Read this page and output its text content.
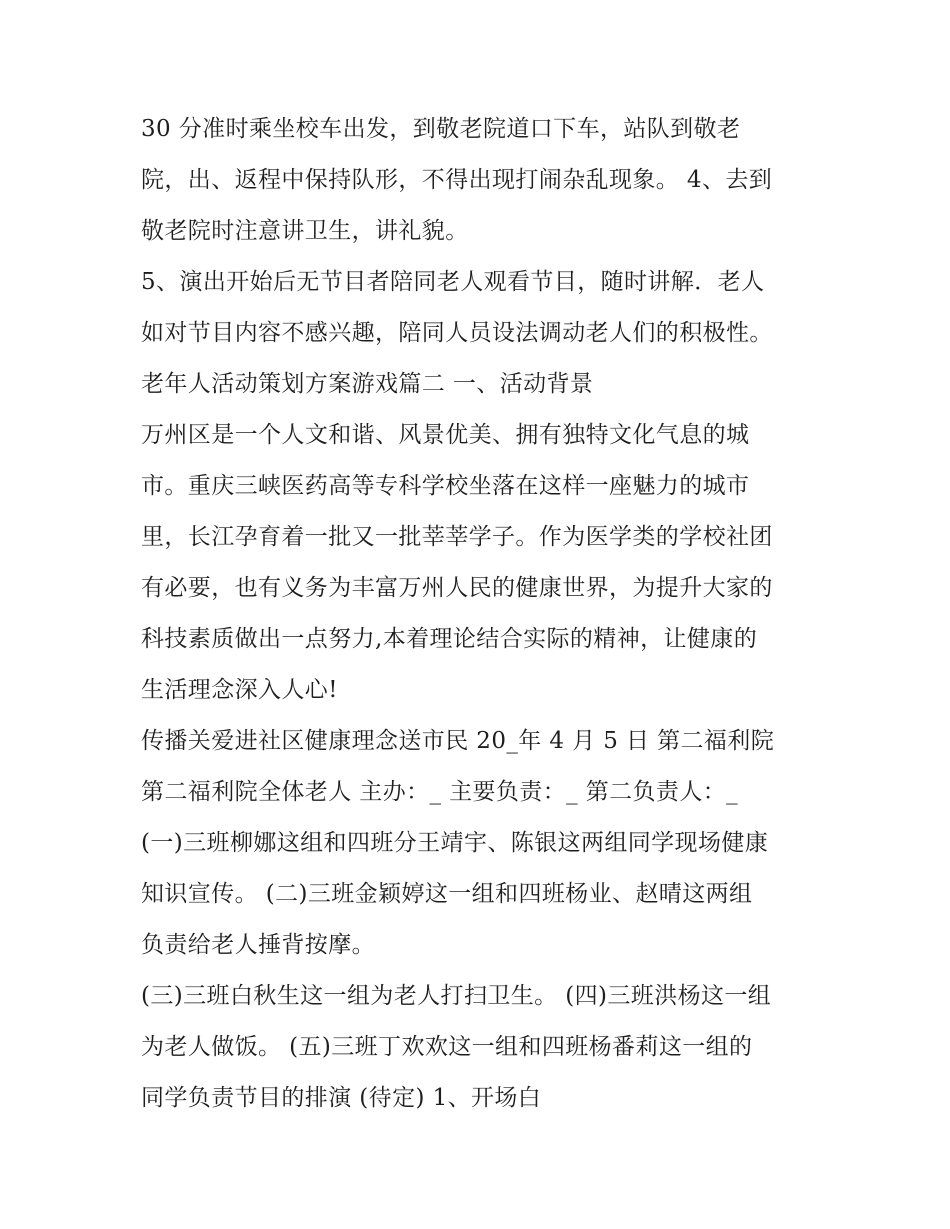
30 分准时乘坐校车出发，到敬老院道口下车，站队到敬老
院，出、返程中保持队形，不得出现打闹杂乱现象。 4、去到
敬老院时注意讲卫生，讲礼貌。
5、演出开始后无节目者陪同老人观看节目，随时讲解．老人
如对节目内容不感兴趣，陪同人员设法调动老人们的积极性。
老年人活动策划方案游戏篇二 一、活动背景
万州区是一个人文和谐、风景优美、拥有独特文化气息的城
市。重庆三峡医药高等专科学校坐落在这样一座魅力的城市
里，长江孕育着一批又一批莘莘学子。作为医学类的学校社团
有必要，也有义务为丰富万州人民的健康世界，为提升大家的
科技素质做出一点努力,本着理论结合实际的精神，让健康的
生活理念深入人心!
传播关爱进社区健康理念送市民 20_年 4 月 5 日 第二福利院
第二福利院全体老人 主办：_ 主要负责：_ 第二负责人：_
(一)三班柳娜这组和四班分王靖宇、陈银这两组同学现场健康
知识宣传。 (二)三班金颖婷这一组和四班杨业、赵晴这两组
负责给老人捶背按摩。
(三)三班白秋生这一组为老人打扫卫生。 (四)三班洪杨这一组
为老人做饭。 (五)三班丁欢欢这一组和四班杨番莉这一组的
同学负责节目的排演 (待定) 1、开场白
